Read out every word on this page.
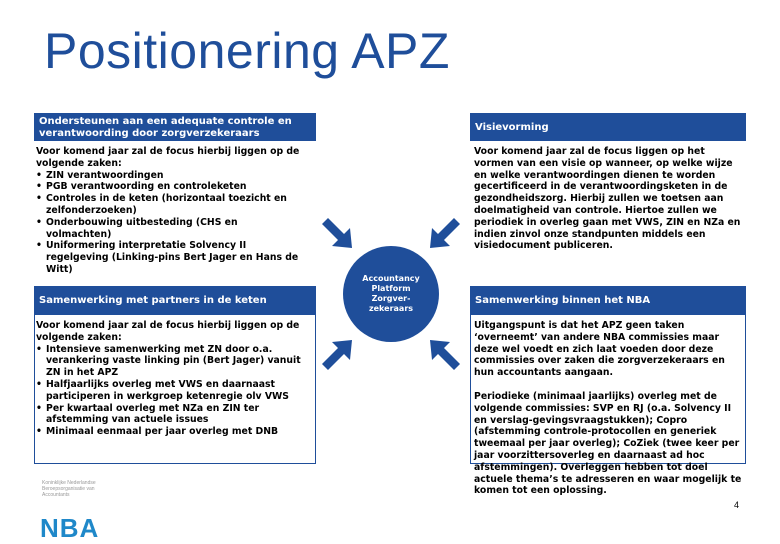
Positionering APZ
Ondersteunen aan een adequate controle en verantwoording door zorgverzekeraars

Voor komend jaar zal de focus hierbij liggen op de volgende zaken:

• ZIN verantwoordingen
• PGB verantwoording en controleketen
• Controles in de keten (horizontaal toezicht en zelfonderzoeken)
• Onderbouwing uitbesteding (CHS en volmachten)
• Uniformering interpretatie Solvency II regelgeving (Linking-pins Bert Jager en Hans de Witt)
Visievorming
Voor komend jaar zal de focus liggen op het vormen van een visie op wanneer, op welke wijze en welke verantwoordingen dienen te worden gecertificeerd in de verantwoordingsketen in de gezondheidszorg. Hierbij zullen we toetsen aan doelmatigheid van controle. Hiertoe zullen we periodiek in overleg gaan met VWS, ZIN en NZa en indien zinvol onze standpunten middels een visiedocument publiceren.
Samenwerking met partners in de keten

Voor komend jaar zal de focus hierbij liggen op de volgende zaken:

• Intensieve samenwerking met ZN door o.a. verankering vaste linking pin (Bert Jager) vanuit ZN in het APZ
• Halfjaarlijks overleg met VWS en daarnaast participeren in werkgroep ketenregie olv VWS
• Per kwartaal overleg met NZa en ZIN ter afstemming van actuele issues
• Minimaal eenmaal per jaar overleg met DNB
Samenwerking binnen het NBA

Uitgangspunt is dat het APZ geen taken ‘overneemt’ van andere NBA commissies maar deze wel voedt en zich laat voeden door deze commissies over zaken die zorgverzekeraars en hun accountants aangaan.

Periodieke (minimaal jaarlijks) overleg met de volgende commissies: SVP en RJ (o.a. Solvency II en verslag-gevingsvraagstukken); Copro (afstemming controle-protocollen en generiek tweemaal per jaar overleg); CoZiek (twee keer per jaar voorzittersoverleg en daarnaast ad hoc afstemmingen). Overleggen hebben tot doel actuele thema’s te adresseren en waar mogelijk te komen tot een oplossing.

Accountancy Platform Zorgver-zekeraars
Koninklijke Nederlandse Beroepsorganisatie van Accountants
NBA
4
